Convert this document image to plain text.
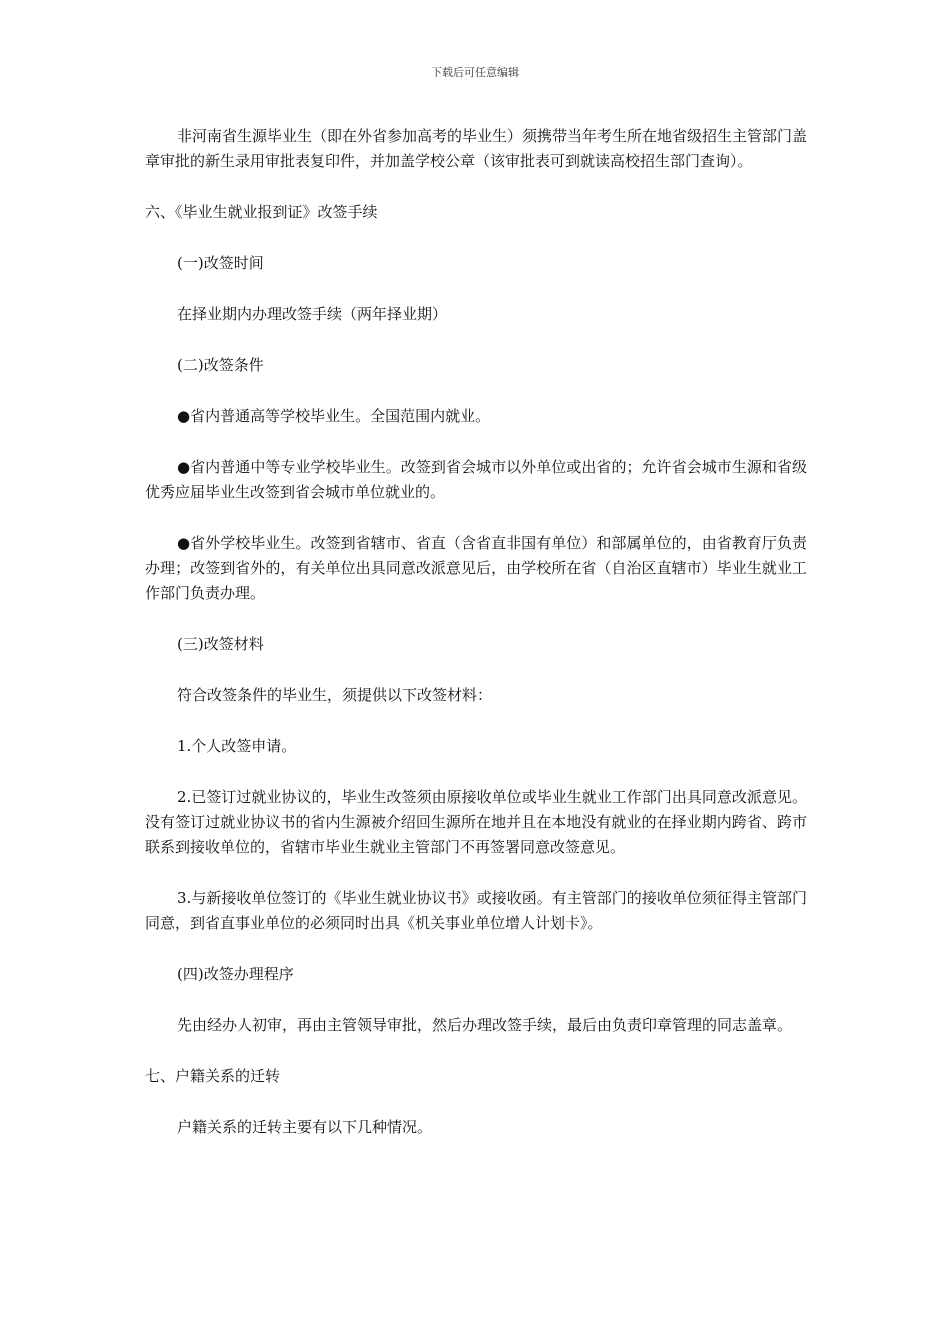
下载后可任意编辑

非河南省生源毕业生（即在外省参加高考的毕业生）须携带当年考生所在地省级招生主管部门盖章审批的新生录用审批表复印件，并加盖学校公章（该审批表可到就读高校招生部门查询）。

六、《毕业生就业报到证》改签手续

(一)改签时间

在择业期内办理改签手续（两年择业期）

(二)改签条件

●省内普通高等学校毕业生。全国范围内就业。

●省内普通中等专业学校毕业生。改签到省会城市以外单位或出省的；允许省会城市生源和省级优秀应届毕业生改签到省会城市单位就业的。

●省外学校毕业生。改签到省辖市、省直（含省直非国有单位）和部属单位的，由省教育厅负责办理；改签到省外的，有关单位出具同意改派意见后，由学校所在省（自治区直辖市）毕业生就业工作部门负责办理。

(三)改签材料

符合改签条件的毕业生，须提供以下改签材料：

1.个人改签申请。

2.已签订过就业协议的，毕业生改签须由原接收单位或毕业生就业工作部门出具同意改派意见。没有签订过就业协议书的省内生源被介绍回生源所在地并且在本地没有就业的在择业期内跨省、跨市联系到接收单位的，省辖市毕业生就业主管部门不再签署同意改签意见。

3.与新接收单位签订的《毕业生就业协议书》或接收函。有主管部门的接收单位须征得主管部门同意，到省直事业单位的必须同时出具《机关事业单位增人计划卡》。

(四)改签办理程序

先由经办人初审，再由主管领导审批，然后办理改签手续，最后由负责印章管理的同志盖章。

七、户籍关系的迁转

户籍关系的迁转主要有以下几种情况。
